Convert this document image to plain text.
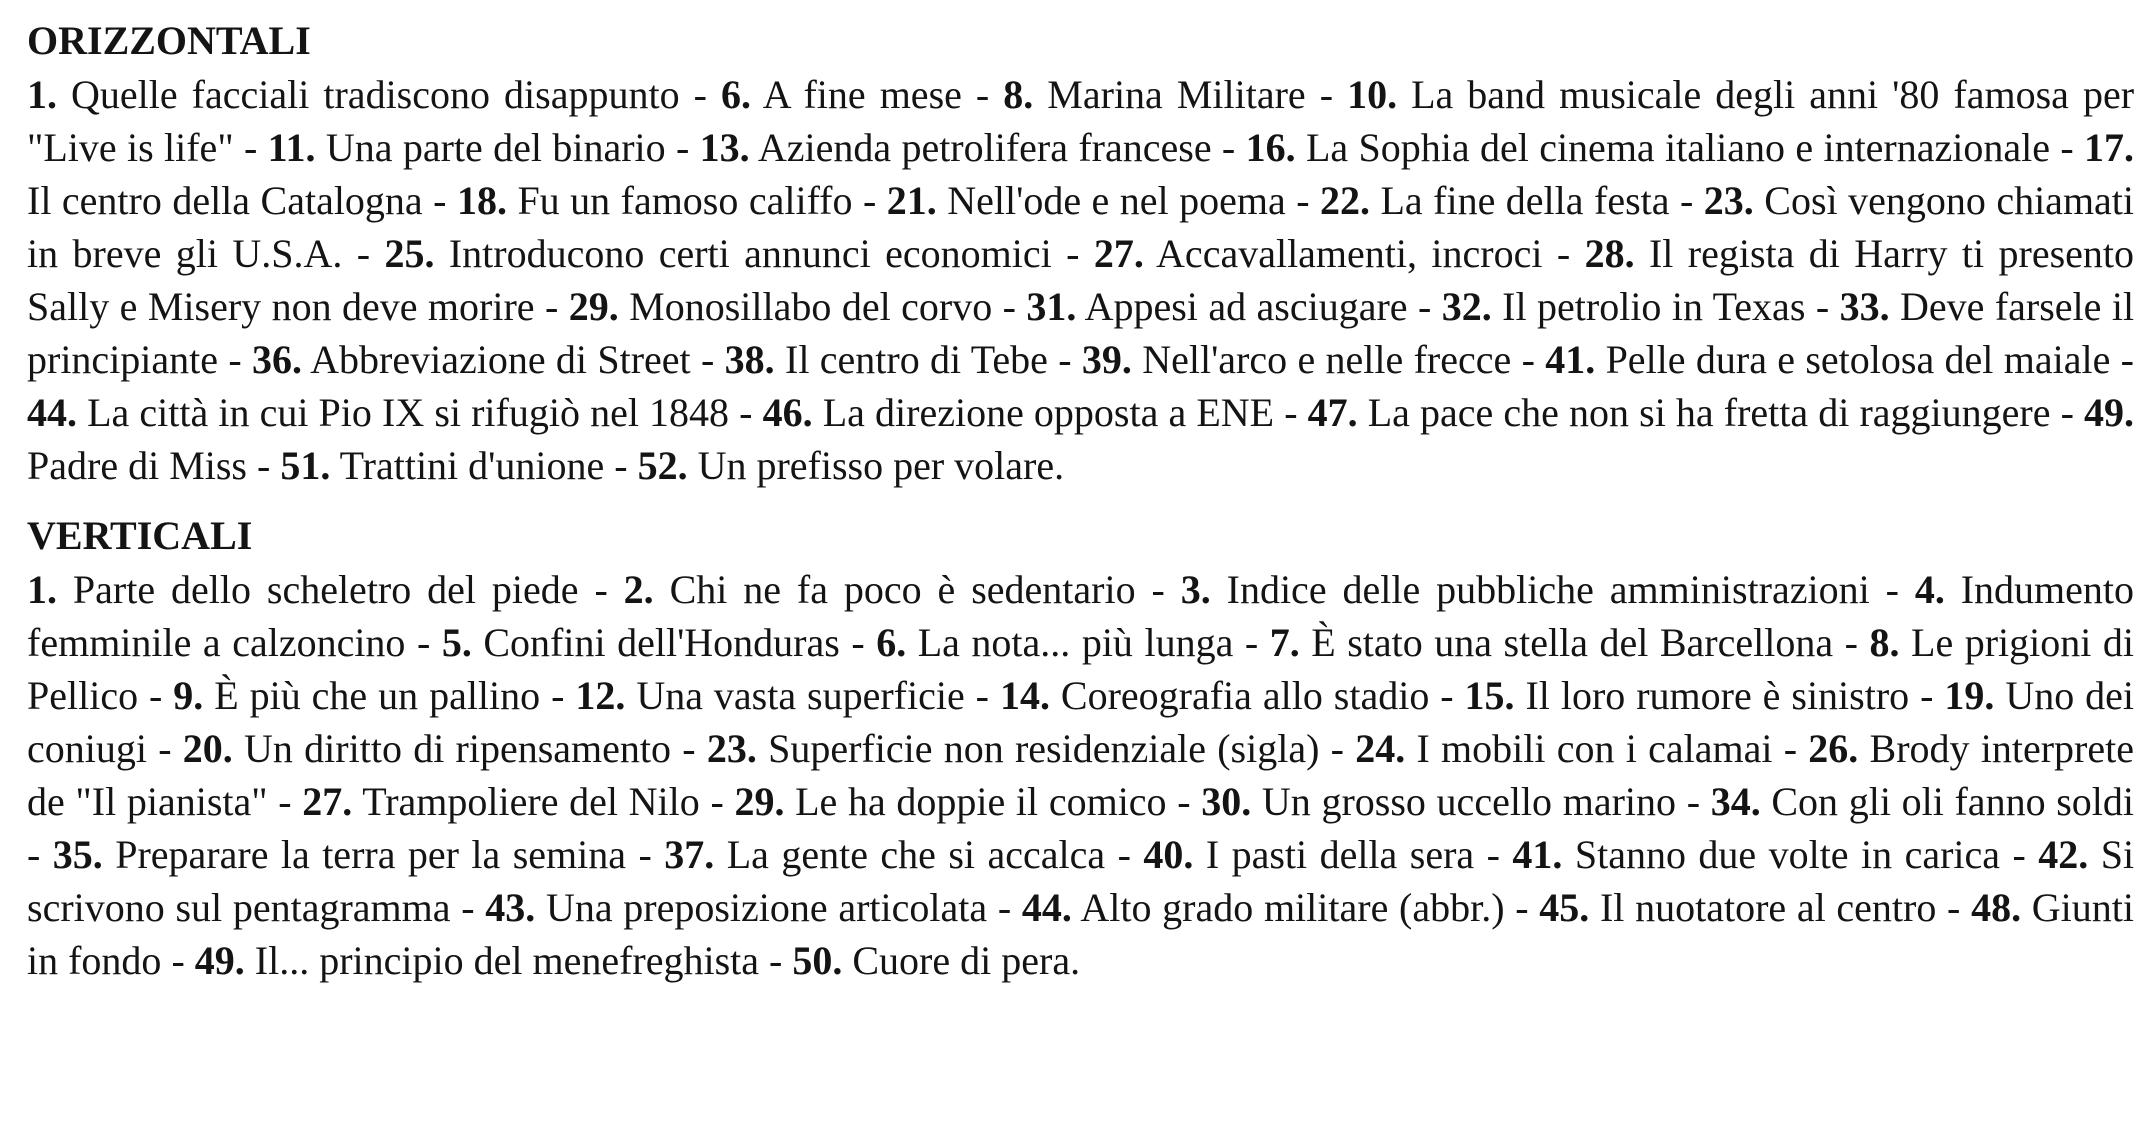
ORIZZONTALI

1. Quelle facciali tradiscono disappunto - 6. A fine mese - 8. Marina Militare - 10. La band musicale degli anni '80 famosa per "Live is life" - 11. Una parte del binario - 13. Azienda petrolifera francese - 16. La Sophia del cinema italiano e internazionale - 17. Il centro della Catalogna - 18. Fu un famoso califfo - 21. Nell'ode e nel poema - 22. La fine della festa - 23. Così vengono chiamati in breve gli U.S.A. - 25. Introducono certi annunci economici - 27. Accavallamenti, incroci - 28. Il regista di Harry ti presento Sally e Misery non deve morire - 29. Monosillabo del corvo - 31. Appesi ad asciugare - 32. Il petrolio in Texas - 33. Deve farsele il principiante - 36. Abbreviazione di Street - 38. Il centro di Tebe - 39. Nell'arco e nelle frecce - 41. Pelle dura e setolosa del maiale - 44. La città in cui Pio IX si rifugiò nel 1848 - 46. La direzione opposta a ENE - 47. La pace che non si ha fretta di raggiungere - 49. Padre di Miss - 51. Trattini d'unione - 52. Un prefisso per volare.

VERTICALI

1. Parte dello scheletro del piede - 2. Chi ne fa poco è sedentario - 3. Indice delle pubbliche amministrazioni - 4. Indumento femminile a calzoncino - 5. Confini dell'Honduras - 6. La nota... più lunga - 7. È stato una stella del Barcellona - 8. Le prigioni di Pellico - 9. È più che un pallino - 12. Una vasta superficie - 14. Coreografia allo stadio - 15. Il loro rumore è sinistro - 19. Uno dei coniugi - 20. Un diritto di ripensamento - 23. Superficie non residenziale (sigla) - 24. I mobili con i calamai - 26. Brody interprete de "Il pianista" - 27. Trampoliere del Nilo - 29. Le ha doppie il comico - 30. Un grosso uccello marino - 34. Con gli oli fanno soldi - 35. Preparare la terra per la semina - 37. La gente che si accalca - 40. I pasti della sera - 41. Stanno due volte in carica - 42. Si scrivono sul pentagramma - 43. Una preposizione articolata - 44. Alto grado militare (abbr.) - 45. Il nuotatore al centro - 48. Giunti in fondo - 49. Il... principio del menefreghista - 50. Cuore di pera.
